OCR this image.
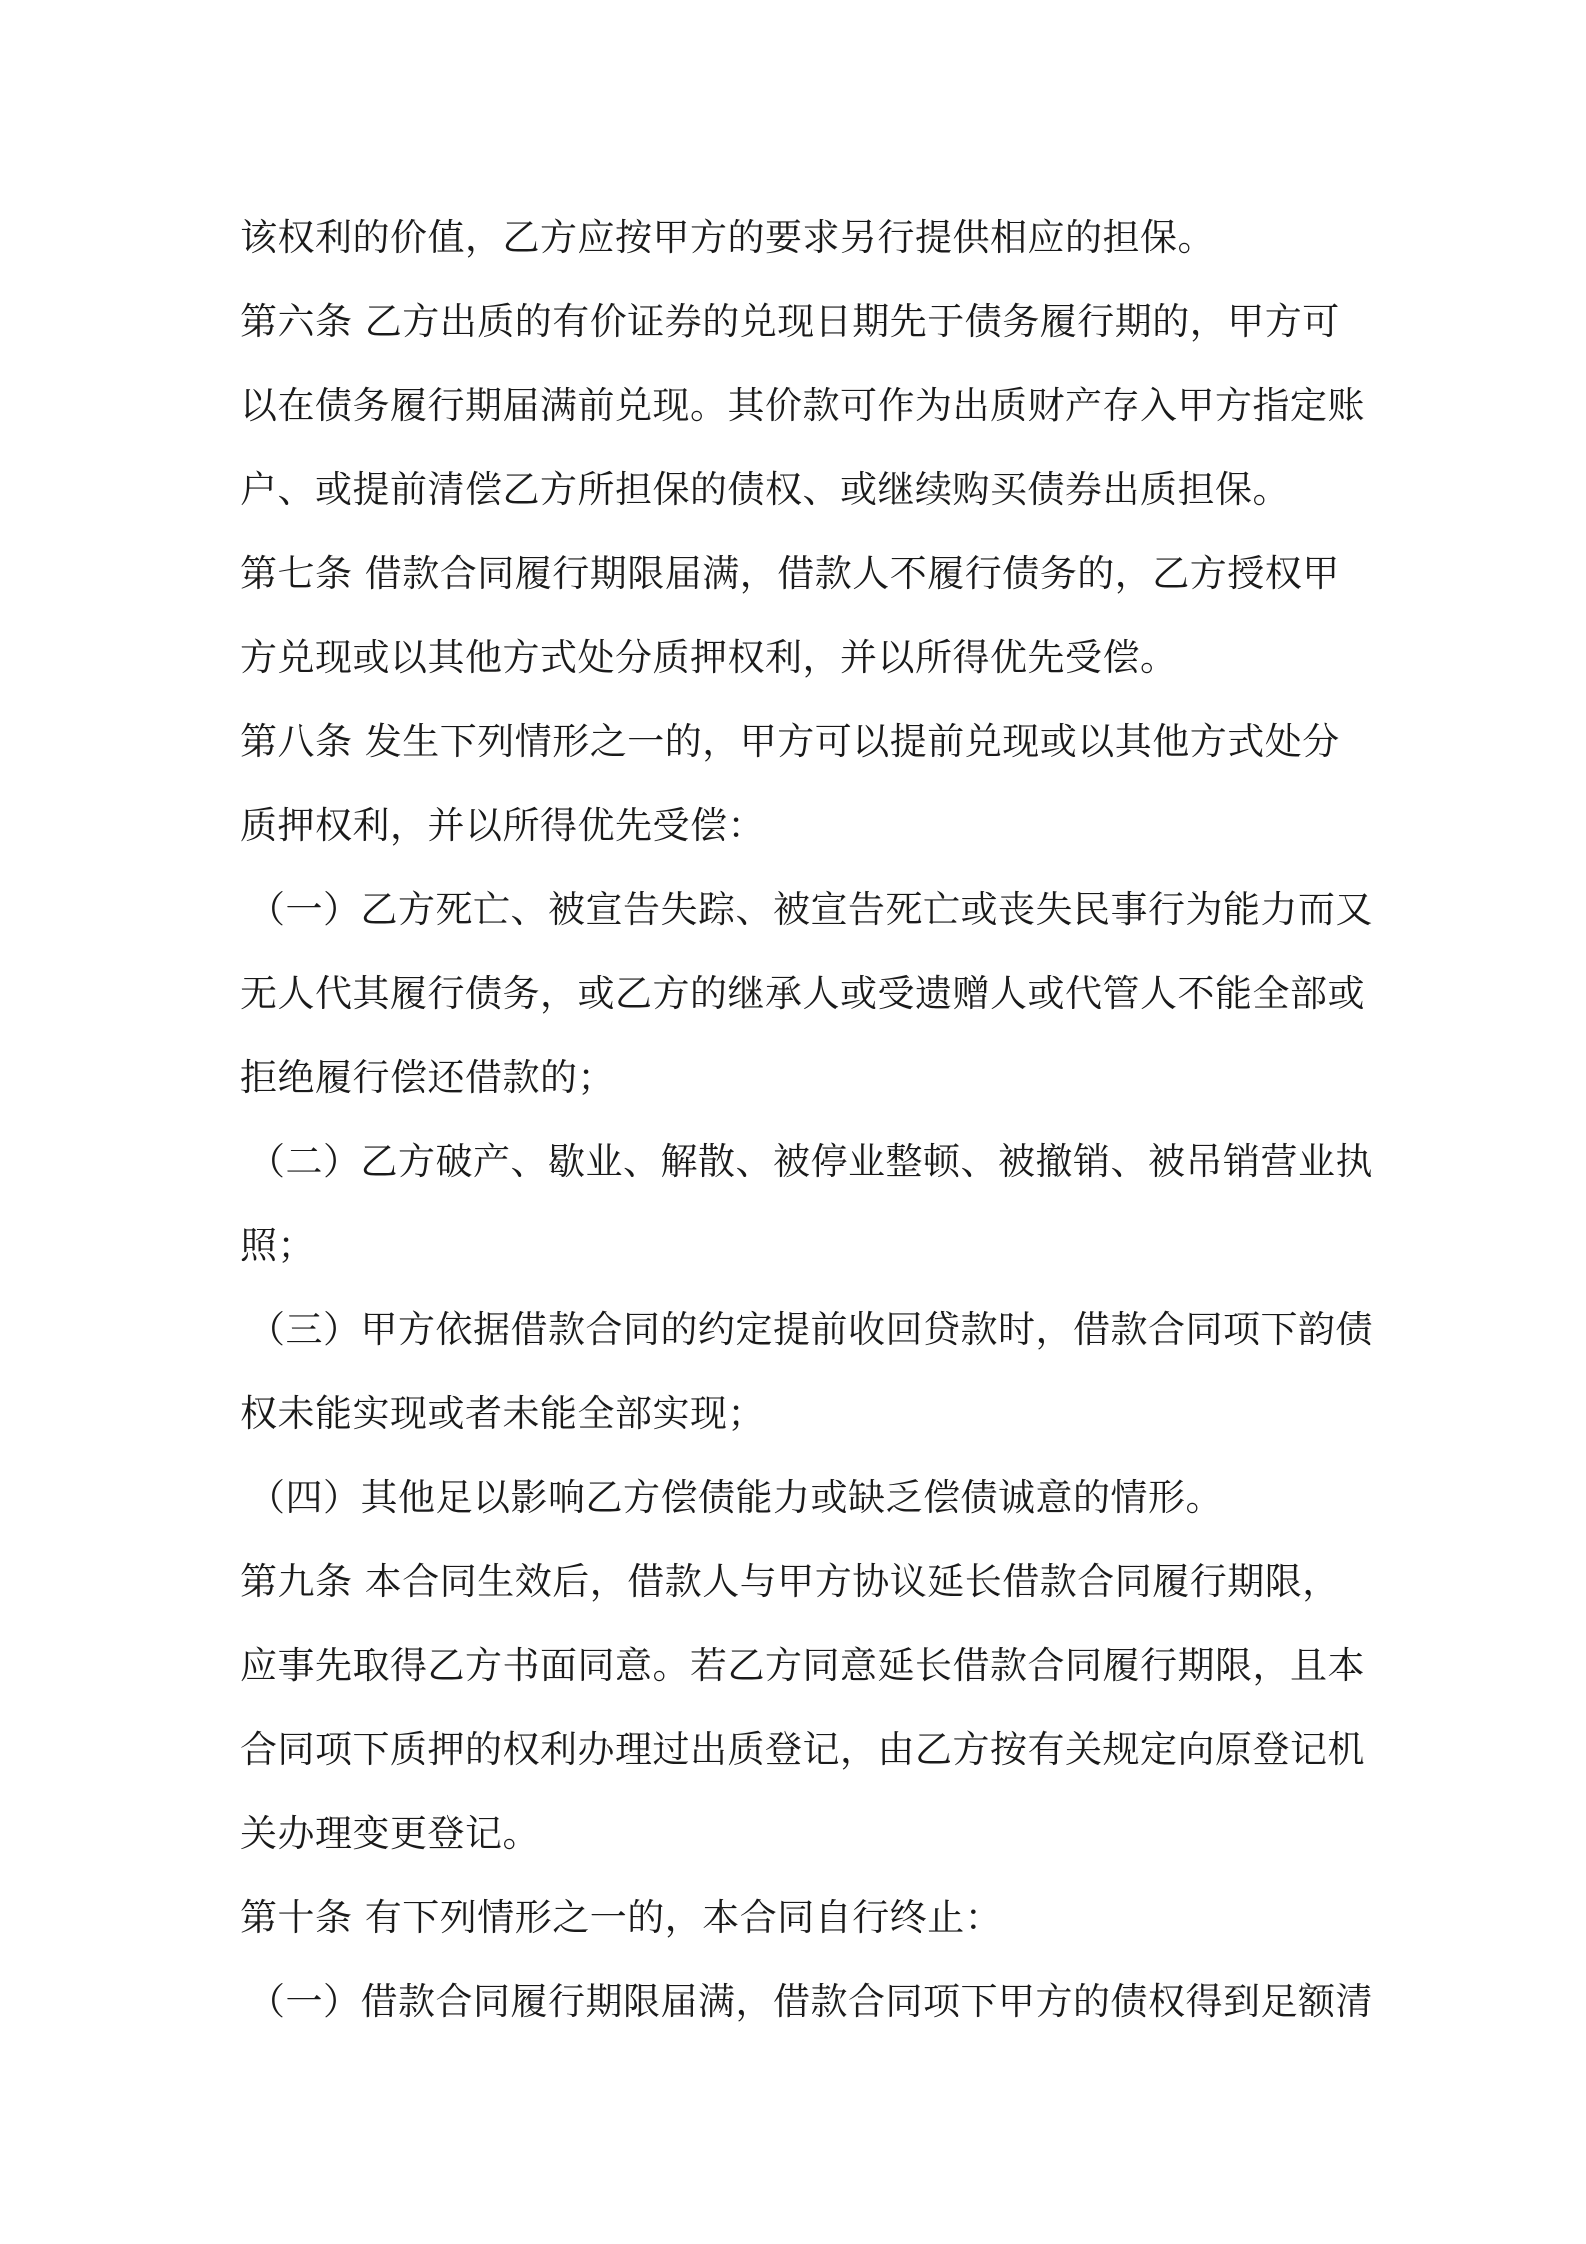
该权利的价值，乙方应按甲方的要求另行提供相应的担保。
第六条 乙方出质的有价证券的兑现日期先于债务履行期的，甲方可
以在债务履行期届满前兑现。其价款可作为出质财产存入甲方指定账
户、或提前清偿乙方所担保的债权、或继续购买债券出质担保。
第七条 借款合同履行期限届满，借款人不履行债务的，乙方授权甲
方兑现或以其他方式处分质押权利，并以所得优先受偿。
第八条 发生下列情形之一的，甲方可以提前兑现或以其他方式处分
质押权利，并以所得优先受偿：
（一）乙方死亡、被宣告失踪、被宣告死亡或丧失民事行为能力而又
无人代其履行债务，或乙方的继承人或受遗赠人或代管人不能全部或
拒绝履行偿还借款的；
（二）乙方破产、歇业、解散、被停业整顿、被撤销、被吊销营业执
照；
（三）甲方依据借款合同的约定提前收回贷款时，借款合同项下韵债
权未能实现或者未能全部实现；
（四）其他足以影响乙方偿债能力或缺乏偿债诚意的情形。
第九条 本合同生效后，借款人与甲方协议延长借款合同履行期限，
应事先取得乙方书面同意。若乙方同意延长借款合同履行期限，且本
合同项下质押的权利办理过出质登记，由乙方按有关规定向原登记机
关办理变更登记。
第十条 有下列情形之一的，本合同自行终止：
（一）借款合同履行期限届满，借款合同项下甲方的债权得到足额清
